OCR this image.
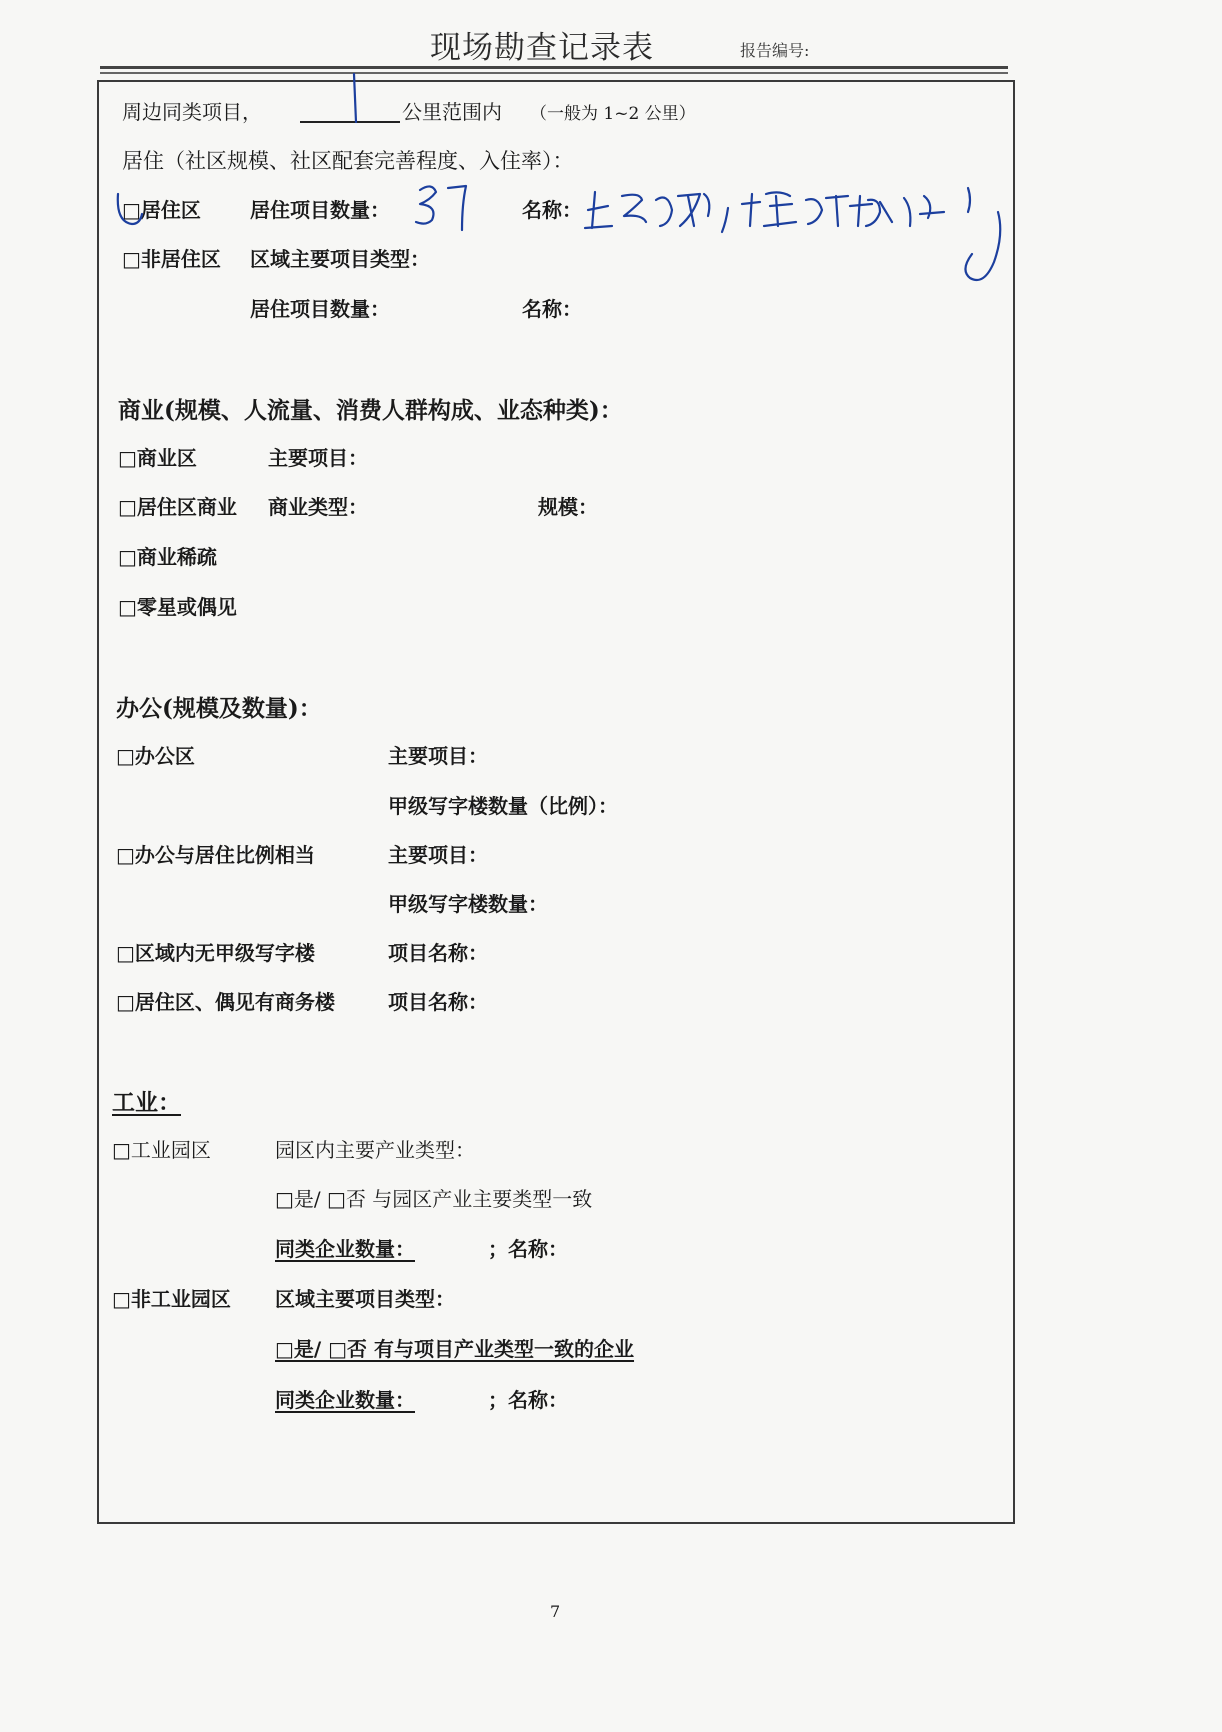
现场勘查记录表	报告编号:
周边同类项目，	公里范围内 （一般为 1~2 公里）
居住（社区规模、社区配套完善程度、入住率）：
□居住区 居住项目数量：	名称：
□非居住区 区域主要项目类型：
居住项目数量：	名称：
商业(规模、人流量、消费人群构成、业态种类)：
□商业区	主要项目：
□居住区商业 商业类型：	规模：
□商业稀疏
□零星或偶见
办公(规模及数量)：
□办公区	主要项目：
甲级写字楼数量（比例）：
□办公与居住比例相当	主要项目：
甲级写字楼数量：
□区域内无甲级写字楼	项目名称：
□居住区、偶见有商务楼	项目名称：
工业：
□工业园区	园区内主要产业类型：
□是/ □否 与园区产业主要类型一致
同类企业数量：	；名称：
□非工业园区 区域主要项目类型：
□是/ □否 有与项目产业类型一致的企业
同类企业数量：	；名称：
7
